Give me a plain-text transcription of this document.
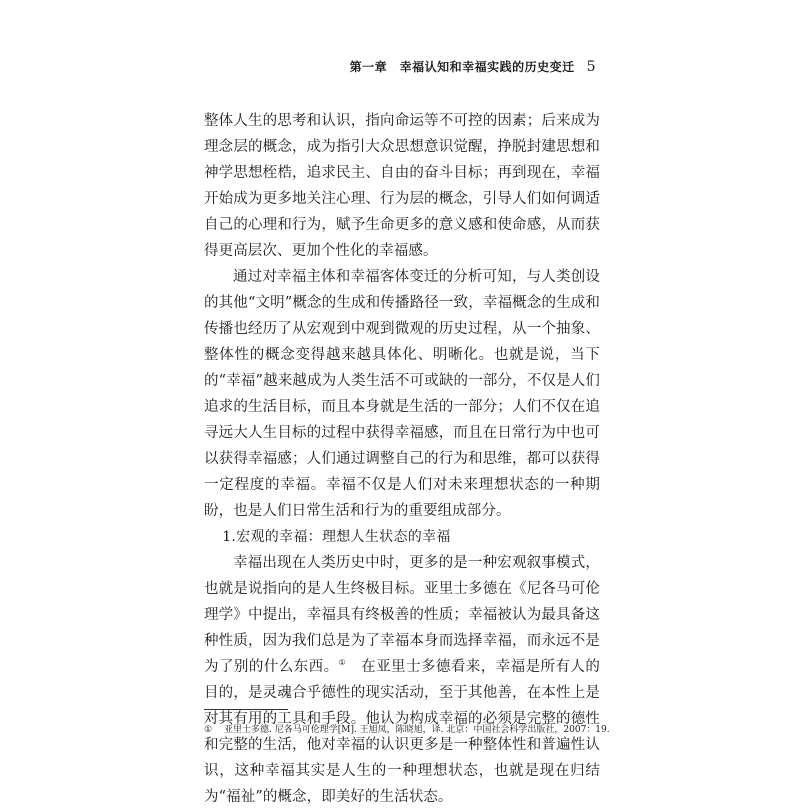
第一章　幸福认知和幸福实践的历史变迁 5

整体人生的思考和认识，指向命运等不可控的因素；后来成为理念层的概念，成为指引大众思想意识觉醒，挣脱封建思想和神学思想桎梏，追求民主、自由的奋斗目标；再到现在，幸福开始成为更多地关注心理、行为层的概念，引导人们如何调适自己的心理和行为，赋予生命更多的意义感和使命感，从而获得更高层次、更加个性化的幸福感。

通过对幸福主体和幸福客体变迁的分析可知，与人类创设的其他“文明”概念的生成和传播路径一致，幸福概念的生成和传播也经历了从宏观到中观到微观的历史过程，从一个抽象、整体性的概念变得越来越具体化、明晰化。也就是说，当下的“幸福”越来越成为人类生活不可或缺的一部分，不仅是人们追求的生活目标，而且本身就是生活的一部分；人们不仅在追寻远大人生目标的过程中获得幸福感，而且在日常行为中也可以获得幸福感；人们通过调整自己的行为和思维，都可以获得一定程度的幸福。幸福不仅是人们对未来理想状态的一种期盼，也是人们日常生活和行为的重要组成部分。

1.宏观的幸福：理想人生状态的幸福

幸福出现在人类历史中时，更多的是一种宏观叙事模式，也就是说指向的是人生终极目标。亚里士多德在《尼各马可伦理学》中提出，幸福具有终极善的性质；幸福被认为最具备这种性质，因为我们总是为了幸福本身而选择幸福，而永远不是为了别的什么东西。①  在亚里士多德看来，幸福是所有人的目的，是灵魂合乎德性的现实活动，至于其他善，在本性上是对其有用的工具和手段。他认为构成幸福的必须是完整的德性和完整的生活，他对幸福的认识更多是一种整体性和普遍性认识，这种幸福其实是人生的一种理想状态，也就是现在归结为“福祉”的概念，即美好的生活状态。

① 亚里士多德. 尼各马可伦理学[M]. 王旭凤，陈晓旭，译. 北京：中国社会科学出版社，2007：19.
